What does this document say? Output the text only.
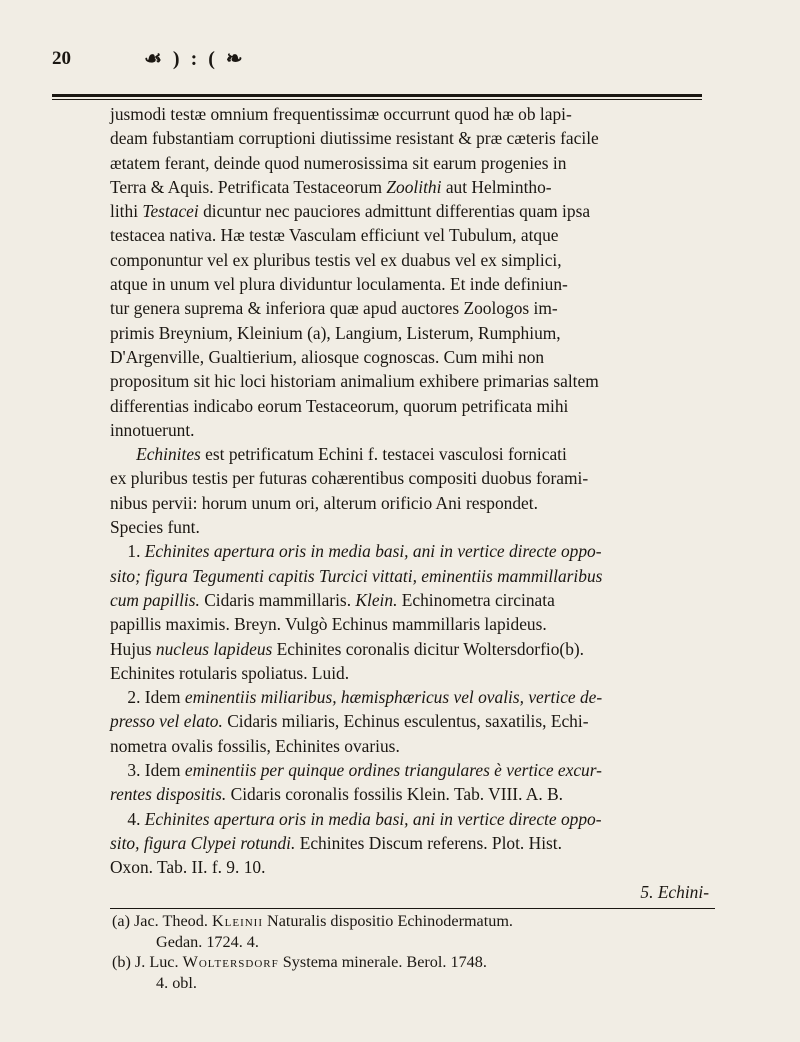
20	☙ ) : ( ❧
jusmodi testæ omnium frequentissimæ occurrunt quod hæ ob lapi-
deam fubstantiam corruptioni diutissime resistant & præ cæteris facile
ætatem ferant, deinde quod numerosissima sit earum progenies in
Terra & Aquis. Petrificata Testaceorum Zoolithi aut Helmintho-
lithi Testacei dicuntur nec pauciores admittunt differentias quam ipsa
testacea nativa. Hæ testæ Vasculam efficiunt vel Tubulum, atque
componuntur vel ex pluribus testis vel ex duabus vel ex simplici,
atque in unum vel plura dividuntur loculamenta. Et inde definiun-
tur genera suprema & inferiora quæ apud auctores Zoologos im-
primis Breynium, Kleinium (a), Langium, Listerum, Rumphium,
D'Argenville, Gualtierium, aliosque cognoscas. Cum mihi non
propositum sit hic loci historiam animalium exhibere primarias saltem
differentias indicabo eorum Testaceorum, quorum petrificata mihi
innotuerunt.
  Echinites est petrificatum Echini f. testacei vasculosi fornicati
ex pluribus testis per futuras cohærentibus compositi duobus forami-
nibus pervii: horum unum ori, alterum orificio Ani respondet.
Species funt.
 1. Echinites apertura oris in media basi, ani in vertice directe oppo-
sito; figura Tegumenti capitis Turcici vittati, eminentiis mammillaribus
cum papillis. Cidaris mammillaris. Klein. Echinometra circinata
papillis maximis. Breyn. Vulgò Echinus mammillaris lapideus.
Hujus nucleus lapideus Echinites coronalis dicitur Woltersdorfio(b).
Echinites rotularis spoliatus. Luid.
 2. Idem eminentiis miliaribus, hæmisphæricus vel ovalis, vertice de-
presso vel elato. Cidaris miliaris, Echinus esculentus, saxatilis, Echi-
nometra ovalis fossilis, Echinites ovarius.
 3. Idem eminentiis per quinque ordines triangulares è vertice excur-
rentes dispositis. Cidaris coronalis fossilis Klein. Tab. VIII. A. B.
 4. Echinites apertura oris in media basi, ani in vertice directe oppo-
sito, figura Clypei rotundi. Echinites Discum referens. Plot. Hist.
Oxon. Tab. II. f. 9. 10.
5. Echini-
(a) Jac. Theod. Kleinii Naturalis dispositio Echinodermatum.
Gedan. 1724. 4.
(b) J. Luc. Woltersdorf Systema minerale. Berol. 1748.
4. obl.
